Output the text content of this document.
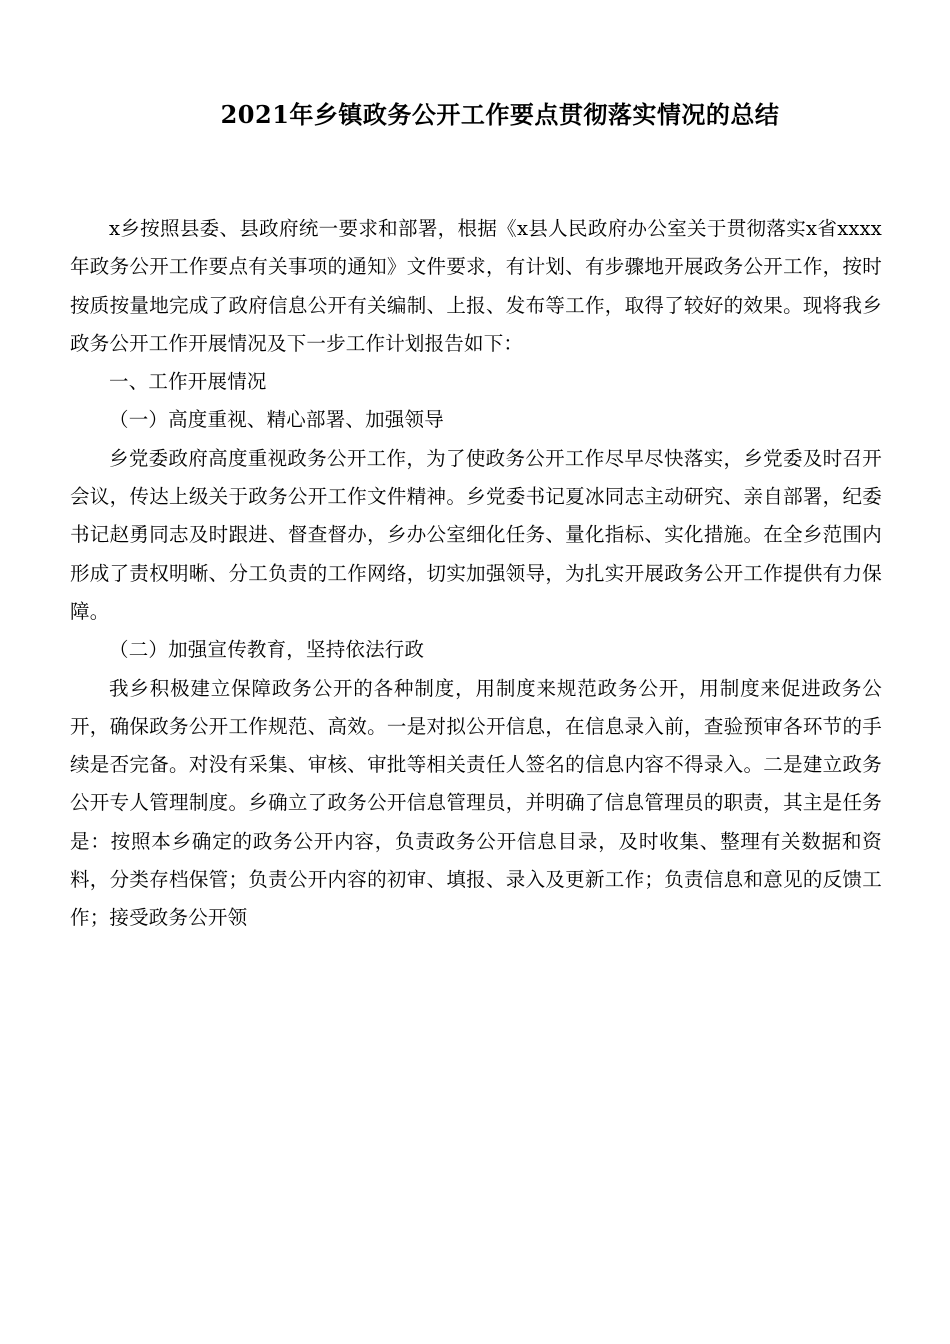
2021年乡镇政务公开工作要点贯彻落实情况的总结

x乡按照县委、县政府统一要求和部署，根据《x县人民政府办公室关于贯彻落实x省xxxx年政务公开工作要点有关事项的通知》文件要求，有计划、有步骤地开展政务公开工作，按时按质按量地完成了政府信息公开有关编制、上报、发布等工作，取得了较好的效果。现将我乡政务公开工作开展情况及下一步工作计划报告如下：

一、工作开展情况

（一）高度重视、精心部署、加强领导

乡党委政府高度重视政务公开工作，为了使政务公开工作尽早尽快落实，乡党委及时召开会议，传达上级关于政务公开工作文件精神。乡党委书记夏冰同志主动研究、亲自部署，纪委书记赵勇同志及时跟进、督查督办，乡办公室细化任务、量化指标、实化措施。在全乡范围内形成了责权明晰、分工负责的工作网络，切实加强领导，为扎实开展政务公开工作提供有力保障。

（二）加强宣传教育，坚持依法行政

我乡积极建立保障政务公开的各种制度，用制度来规范政务公开，用制度来促进政务公开，确保政务公开工作规范、高效。一是对拟公开信息，在信息录入前，查验预审各环节的手续是否完备。对没有采集、审核、审批等相关责任人签名的信息内容不得录入。二是建立政务公开专人管理制度。乡确立了政务公开信息管理员，并明确了信息管理员的职责，其主是任务是：按照本乡确定的政务公开内容，负责政务公开信息目录，及时收集、整理有关数据和资料，分类存档保管；负责公开内容的初审、填报、录入及更新工作；负责信息和意见的反馈工作；接受政务公开领
